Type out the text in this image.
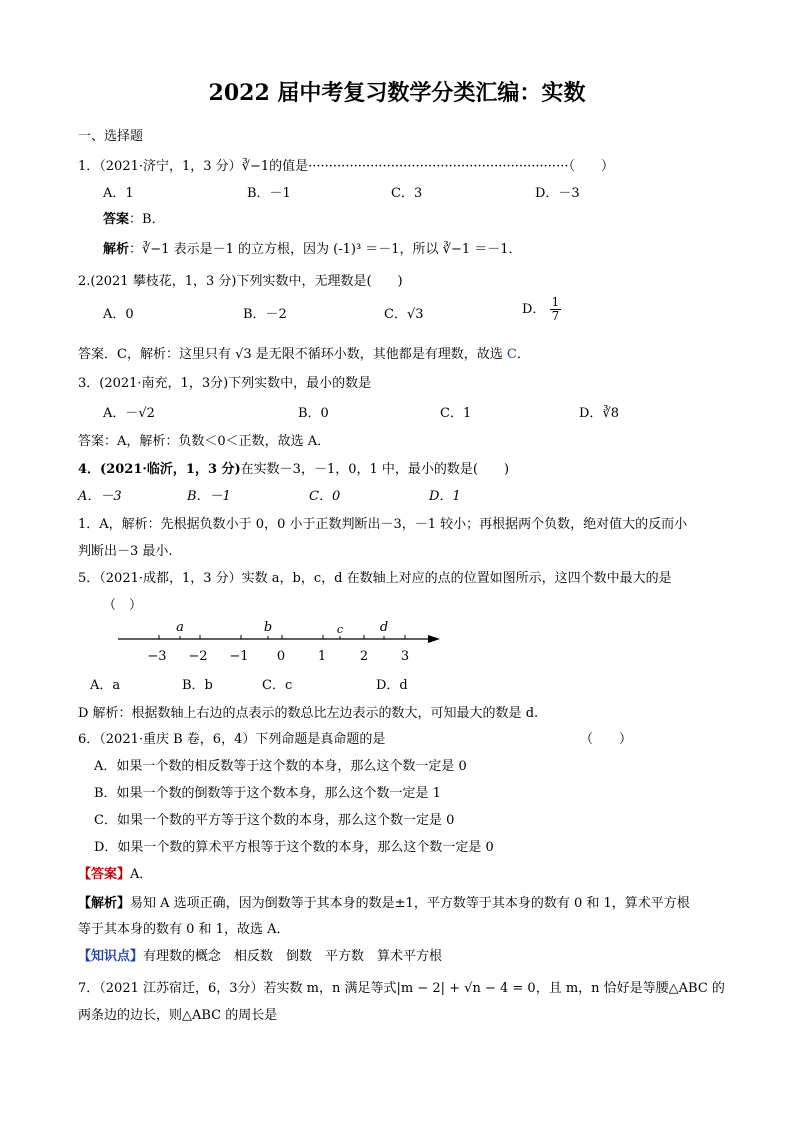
2022 届中考复习数学分类汇编：实数
一、选择题
1．（2021·济宁，1，3 分）∛−1的值是·······························································（　　）
A．1	B．－1	C．3	D．－3
答案：B．
解析：∛−1 表示是－1 的立方根，因为 (-1)³ ＝－1，所以 ∛−1 ＝－1．
2.(2021 攀枝花，1，3 分)下列实数中，无理数是(　　)
A．0	B．－2	C．√3	D． $\frac{1}{7}$
答案．C，解析：这里只有 √3 是无限不循环小数，其他都是有理数，故选 C．
3．(2021·南充，1，3分)下列实数中，最小的数是
A．－√2	B．0	C．1	D．∛8
答案：A，解析：负数＜0＜正数，故选 A．
4．(2021·临沂，1，3 分)在实数－3，－1，0，1 中，最小的数是(　　)
A．－3	B．－1	C．0	D．1
1．A，解析：先根据负数小于 0，0 小于正数判断出－3，－1 较小；再根据两个负数，绝对值大的反而小
判断出－3 最小.
5．（2021·成都，1，3 分）实数 a，b，c，d 在数轴上对应的点的位置如图所示，这四个数中最大的是
（　）
−3 −2 −1 0	1	2	3
a	b	c	d
A．a	B．b	C．c	D．d
D 解析：根据数轴上右边的点表示的数总比左边表示的数大，可知最大的数是 d.
6．（2021·重庆 B 卷，6，4）下列命题是真命题的是	（　　）
A．如果一个数的相反数等于这个数的本身，那么这个数一定是 0
B．如果一个数的倒数等于这个数本身，那么这个数一定是 1
C．如果一个数的平方等于这个数的本身，那么这个数一定是 0
D．如果一个数的算术平方根等于这个数的本身，那么这个数一定是 0
【答案】A．
【解析】易知 A 选项正确，因为倒数等于其本身的数是±1，平方数等于其本身的数有 0 和 1，算术平方根
等于其本身的数有 0 和 1，故选 A．
【知识点】有理数的概念　相反数　倒数　平方数　算术平方根
7．（2021 江苏宿迁，6，3分）若实数 m，n 满足等式|m − 2| + √n − 4 = 0，且 m，n 恰好是等腰△ABC 的
两条边的边长，则△ABC 的周长是
